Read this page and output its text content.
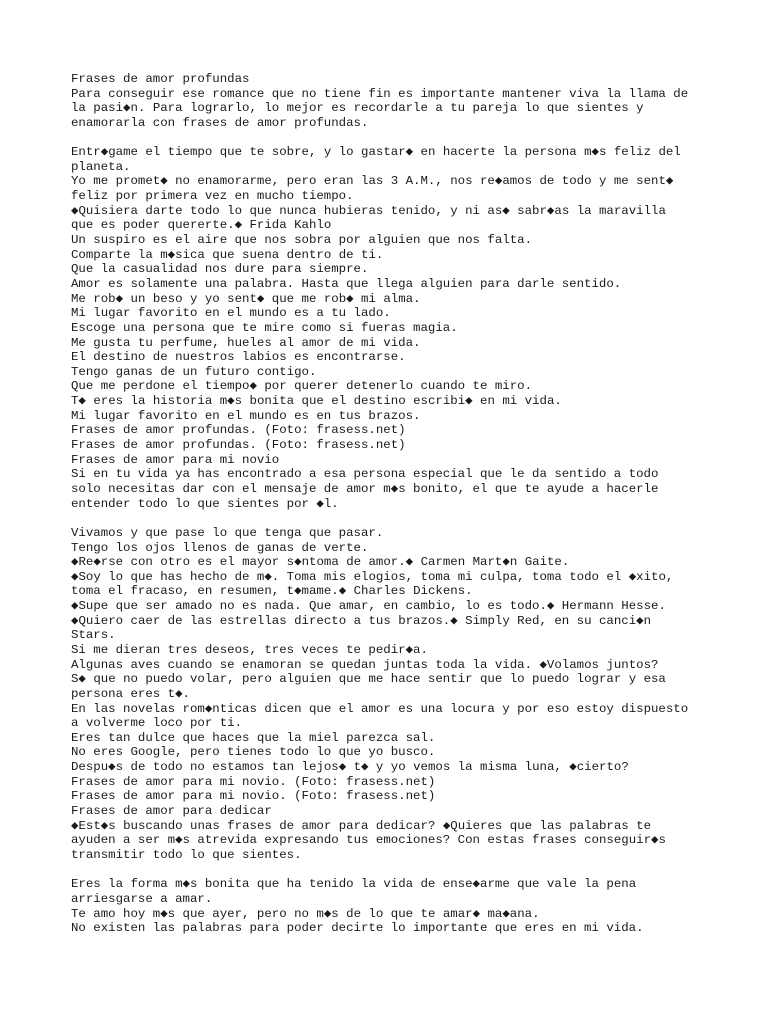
Frases de amor profundas
Para conseguir ese romance que no tiene fin es importante mantener viva la llama de
la pasi◆n. Para lograrlo, lo mejor es recordarle a tu pareja lo que sientes y
enamorarla con frases de amor profundas.
Entr◆game el tiempo que te sobre, y lo gastar◆ en hacerte la persona m◆s feliz del
planeta.
Yo me promet◆ no enamorarme, pero eran las 3 A.M., nos re◆amos de todo y me sent◆
feliz por primera vez en mucho tiempo.
◆Quisiera darte todo lo que nunca hubieras tenido, y ni as◆ sabr◆as la maravilla
que es poder quererte.◆ Frida Kahlo
Un suspiro es el aire que nos sobra por alguien que nos falta.
Comparte la m◆sica que suena dentro de ti.
Que la casualidad nos dure para siempre.
Amor es solamente una palabra. Hasta que llega alguien para darle sentido.
Me rob◆ un beso y yo sent◆ que me rob◆ mi alma.
Mi lugar favorito en el mundo es a tu lado.
Escoge una persona que te mire como si fueras magia.
Me gusta tu perfume, hueles al amor de mi vida.
El destino de nuestros labios es encontrarse.
Tengo ganas de un futuro contigo.
Que me perdone el tiempo◆ por querer detenerlo cuando te miro.
T◆ eres la historia m◆s bonita que el destino escribi◆ en mi vida.
Mi lugar favorito en el mundo es en tus brazos.
Frases de amor profundas. (Foto: frasess.net)
Frases de amor profundas. (Foto: frasess.net)
Frases de amor para mi novio
Si en tu vida ya has encontrado a esa persona especial que le da sentido a todo
solo necesitas dar con el mensaje de amor m◆s bonito, el que te ayude a hacerle
entender todo lo que sientes por ◆l.
Vivamos y que pase lo que tenga que pasar.
Tengo los ojos llenos de ganas de verte.
◆Re◆rse con otro es el mayor s◆ntoma de amor.◆ Carmen Mart◆n Gaite.
◆Soy lo que has hecho de m◆. Toma mis elogios, toma mi culpa, toma todo el ◆xito,
toma el fracaso, en resumen, t◆mame.◆ Charles Dickens.
◆Supe que ser amado no es nada. Que amar, en cambio, lo es todo.◆ Hermann Hesse.
◆Quiero caer de las estrellas directo a tus brazos.◆ Simply Red, en su canci◆n
Stars.
Si me dieran tres deseos, tres veces te pedir◆a.
Algunas aves cuando se enamoran se quedan juntas toda la vida. ◆Volamos juntos?
S◆ que no puedo volar, pero alguien que me hace sentir que lo puedo lograr y esa
persona eres t◆.
En las novelas rom◆nticas dicen que el amor es una locura y por eso estoy dispuesto
a volverme loco por ti.
Eres tan dulce que haces que la miel parezca sal.
No eres Google, pero tienes todo lo que yo busco.
Despu◆s de todo no estamos tan lejos◆ t◆ y yo vemos la misma luna, ◆cierto?
Frases de amor para mi novio. (Foto: frasess.net)
Frases de amor para mi novio. (Foto: frasess.net)
Frases de amor para dedicar
◆Est◆s buscando unas frases de amor para dedicar? ◆Quieres que las palabras te
ayuden a ser m◆s atrevida expresando tus emociones? Con estas frases conseguir◆s
transmitir todo lo que sientes.
Eres la forma m◆s bonita que ha tenido la vida de ense◆arme que vale la pena
arriesgarse a amar.
Te amo hoy m◆s que ayer, pero no m◆s de lo que te amar◆ ma◆ana.
No existen las palabras para poder decirte lo importante que eres en mi vida.
